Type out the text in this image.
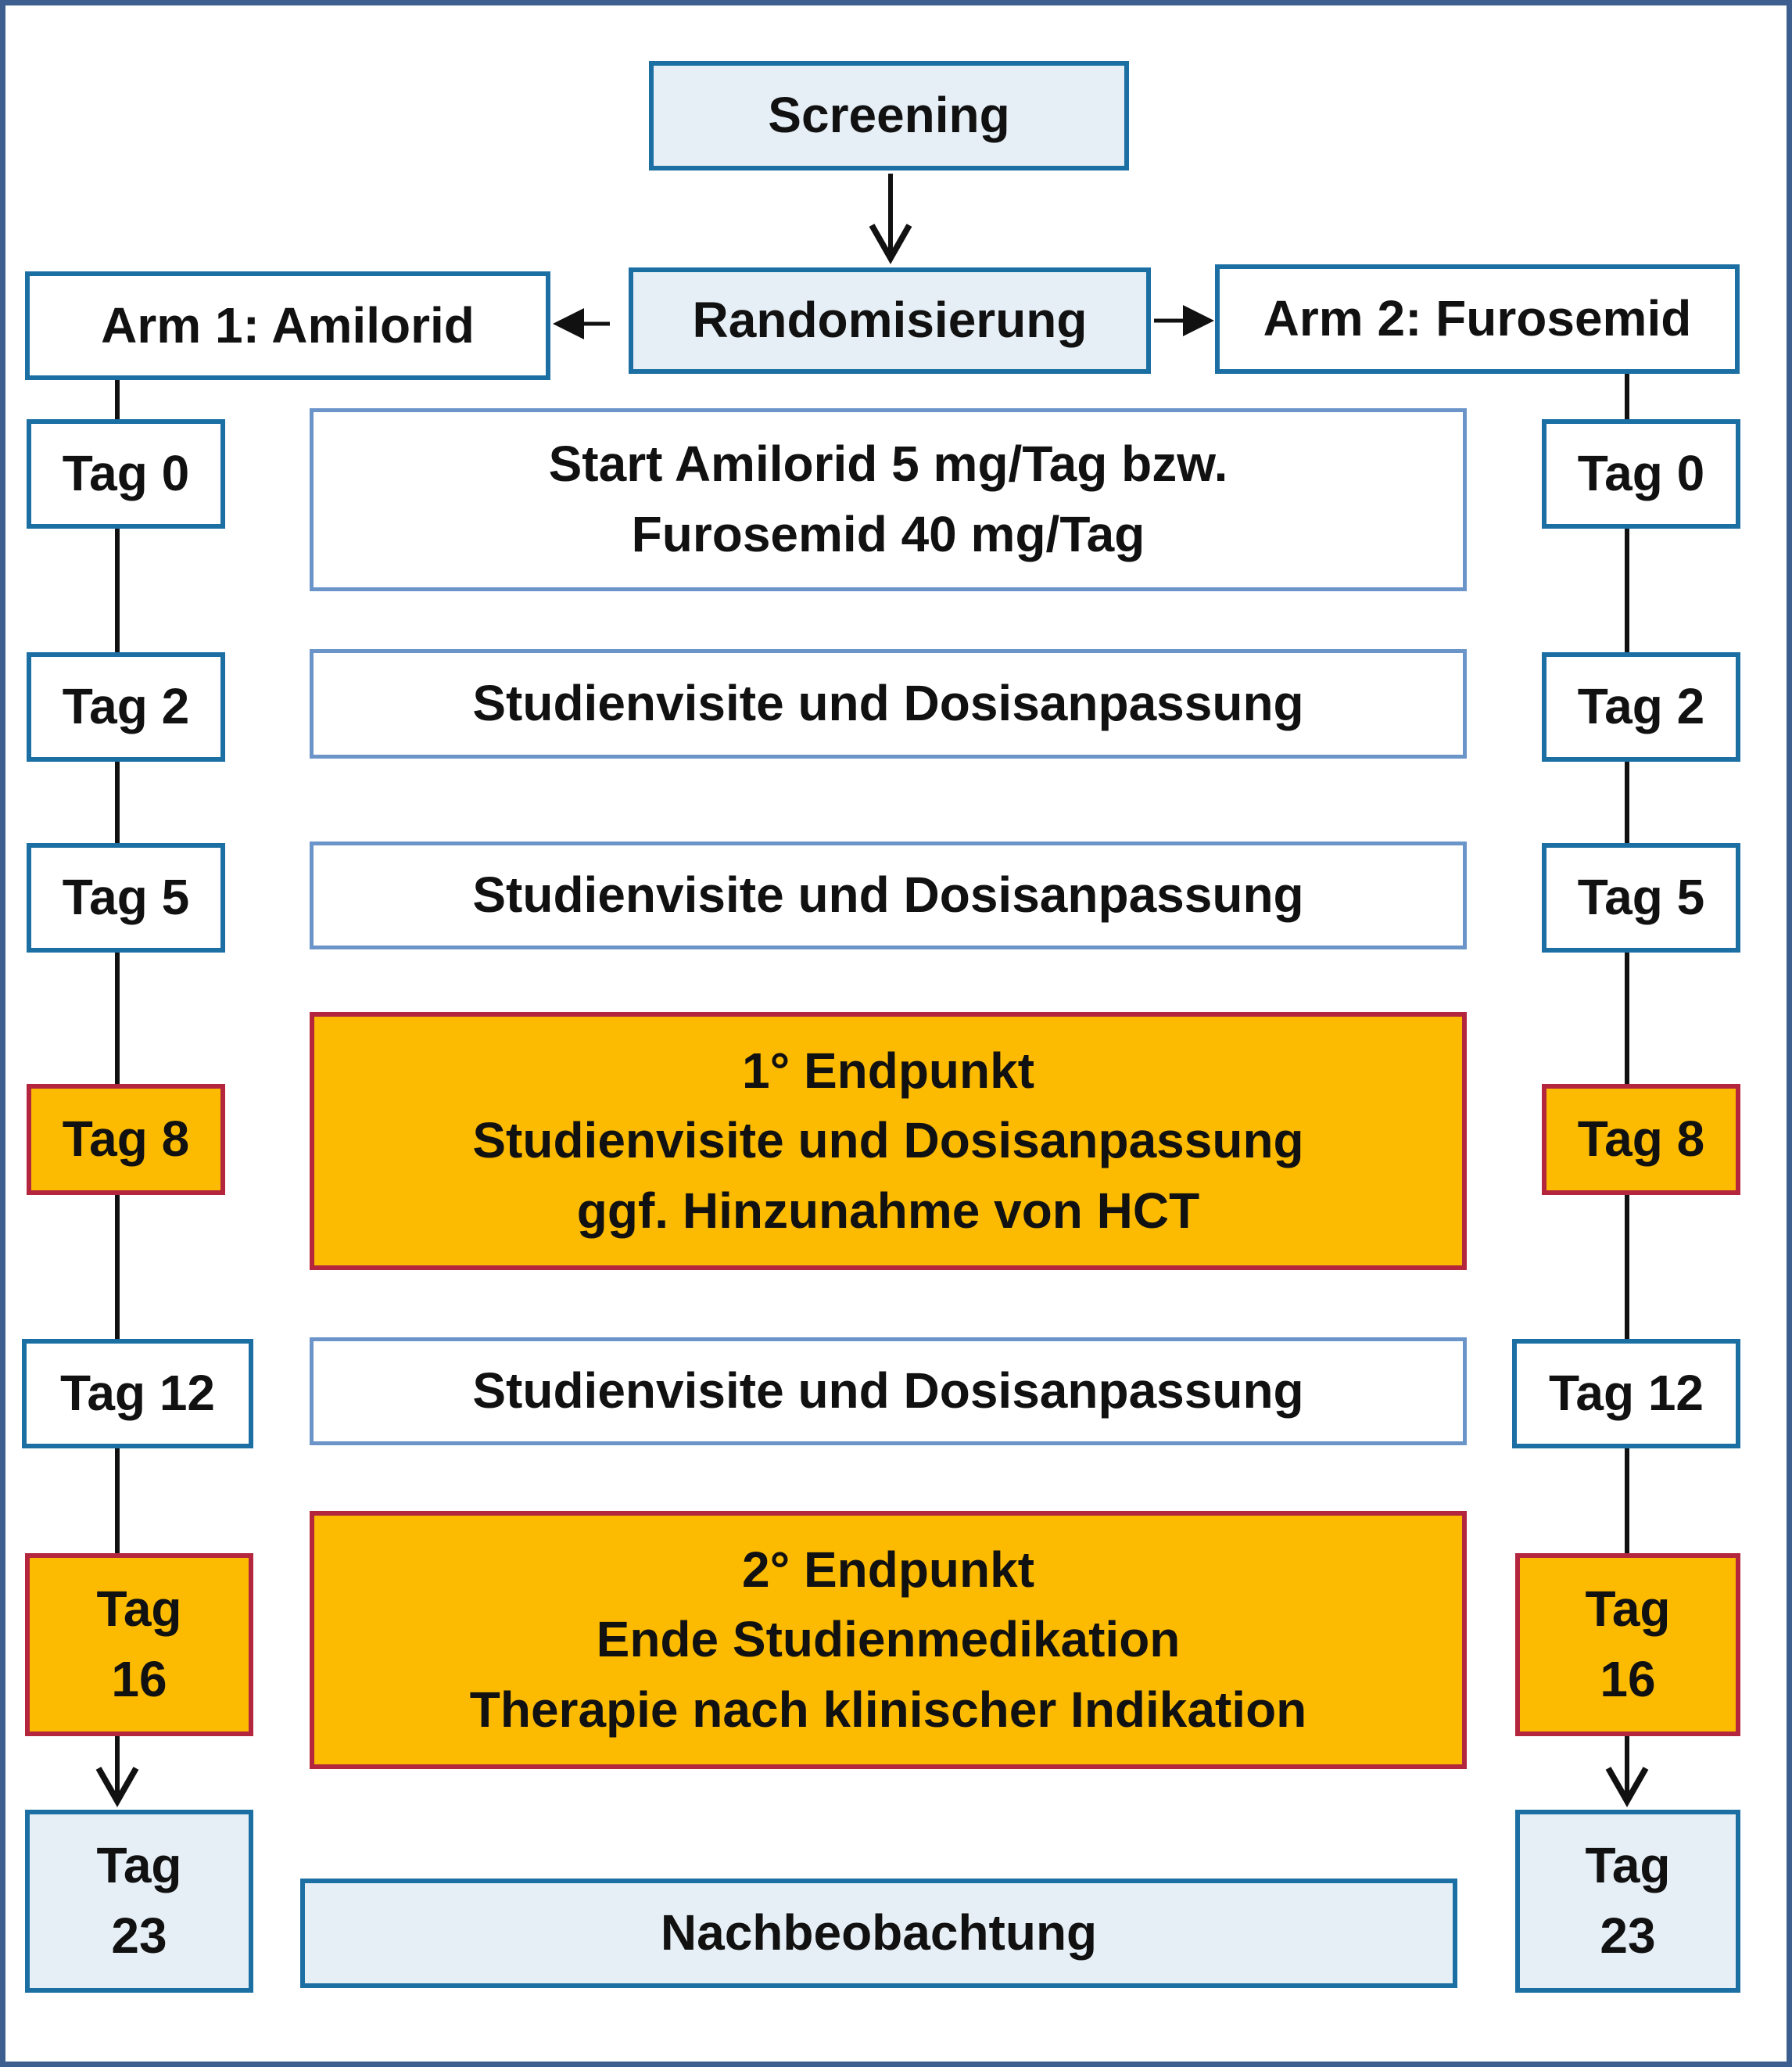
Screening
Randomisierung
Arm 1: Amilorid	Arm 2: Furosemid
Tag 0
Tag 2
Tag 5
Tag 8
Tag 12
Tag
16
Tag
23
Tag 0
Tag 2
Tag 5
Tag 8
Tag 12
Tag
16
Tag
23
Start Amilorid 5 mg/Tag bzw.
Furosemid 40 mg/Tag
Studienvisite und Dosisanpassung
Studienvisite und Dosisanpassung
1° Endpunkt
Studienvisite und Dosisanpassung
ggf. Hinzunahme von HCT
Studienvisite und Dosisanpassung
2° Endpunkt
Ende Studienmedikation
Therapie nach klinischer Indikation
Nachbeobachtung
